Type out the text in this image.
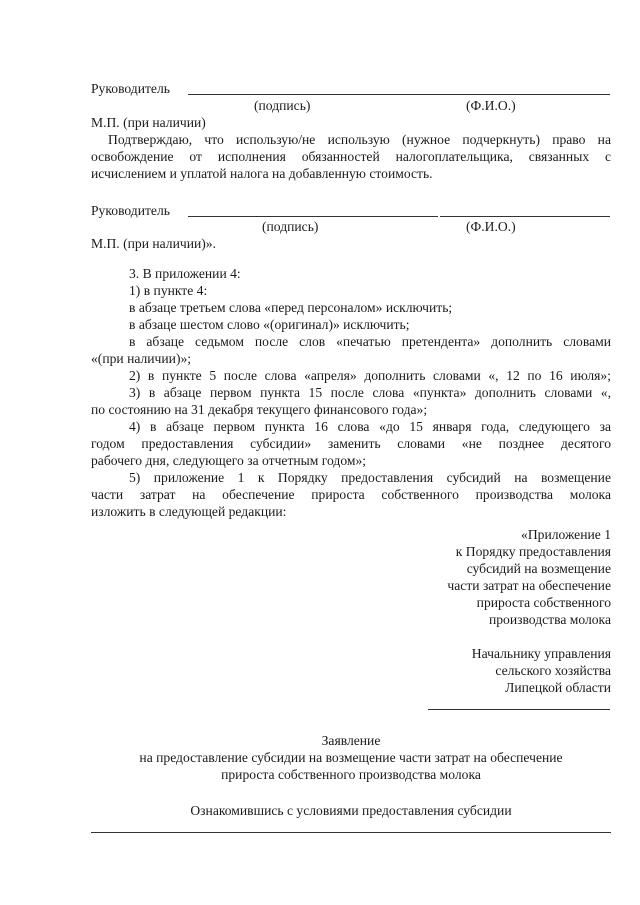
Руководитель
(подпись)	(Ф.И.О.)
М.П. (при наличии)
Подтверждаю, что использую/не использую (нужное подчеркнуть) право на
освобождение от исполнения обязанностей налогоплательщика, связанных с
исчислением и уплатой налога на добавленную стоимость.
Руководитель
(подпись)	(Ф.И.О.)
М.П. (при наличии)».
3. В приложении 4:
1) в пункте 4:
в абзаце третьем слова «перед персоналом» исключить;
в абзаце шестом слово «(оригинал)» исключить;
в абзаце седьмом после слов «печатью претендента» дополнить словами
«(при наличии)»;
2) в пункте 5 после слова «апреля» дополнить словами «, 12 по 16 июля»;
3) в абзаце первом пункта 15 после слова «пункта» дополнить словами «,
по состоянию на 31 декабря текущего финансового года»;
4) в абзаце первом пункта 16 слова «до 15 января года, следующего за
годом предоставления субсидии» заменить словами «не позднее десятого
рабочего дня, следующего за отчетным годом»;
5) приложение 1 к Порядку предоставления субсидий на возмещение
части затрат на обеспечение прироста собственного производства молока
изложить в следующей редакции:
«Приложение 1
к Порядку предоставления
субсидий на возмещение
части затрат на обеспечение
прироста собственного
производства молока
Начальнику управления
сельского хозяйства
Липецкой области
Заявление
на предоставление субсидии на возмещение части затрат на обеспечение
прироста собственного производства молока
Ознакомившись с условиями предоставления субсидии
